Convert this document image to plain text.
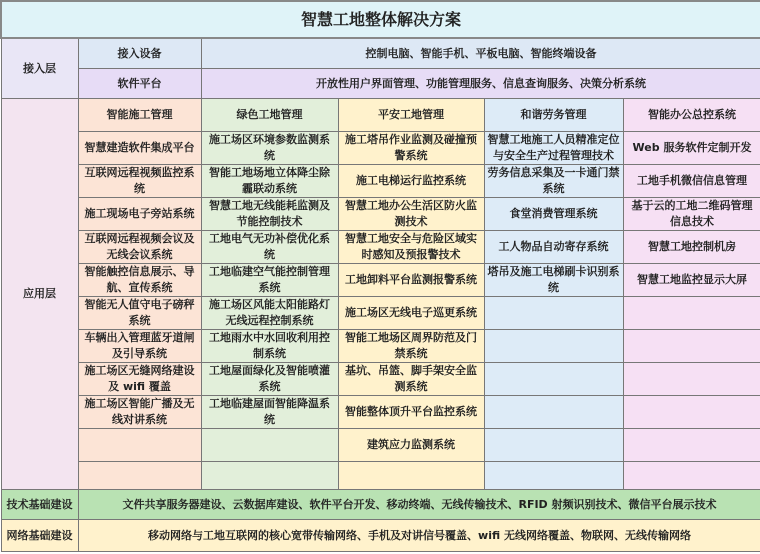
智慧工地整体解决方案					
接入层	接入设备	控制电脑、智能手机、平板电脑、智能终端设备			
	软件平台	开放性用户界面管理、功能管理服务、信息查询服务、决策分析系统			
应用层	智能施工管理	绿色工地管理	平安工地管理	和谐劳务管理	智能办公总控系统
	智慧建造软件集成平台	施工场区环境参数监测系统	施工塔吊作业监测及碰撞预警系统	智慧工地施工人员精准定位与安全生产过程管理技术	Web 服务软件定制开发
	互联网远程视频监控系统	智能工地场地立体降尘除霾联动系统	施工电梯运行监控系统	劳务信息采集及一卡通门禁系统	工地手机微信信息管理
	施工现场电子旁站系统	智慧工地无线能耗监测及节能控制技术	智慧工地办公生活区防火监测技术	食堂消费管理系统	基于云的工地二维码管理信息技术
	互联网远程视频会议及无线会议系统	工地电气无功补偿优化系统	智慧工地安全与危险区域实时感知及预报警技术	工人物品自动寄存系统	智慧工地控制机房
	智能触控信息展示、导航、宣传系统	工地临建空气能控制管理系统	工地卸料平台监测报警系统	塔吊及施工电梯刷卡识别系统	智慧工地监控显示大屏
	智能无人值守电子磅秤系统	施工场区风能太阳能路灯无线远程控制系统	施工场区无线电子巡更系统		
	车辆出入管理蓝牙道闸及引导系统	工地雨水中水回收利用控制系统	智能工地场区周界防范及门禁系统		
	施工场区无缝网络建设及 wifi 覆盖	工地屋面绿化及智能喷灌系统	基坑、吊篮、脚手架安全监测系统		
	施工场区智能广播及无线对讲系统	工地临建屋面智能降温系统	智能整体顶升平台监控系统		
			建筑应力监测系统		

技术基础建设	文件共享服务器建设、云数据库建设、软件平台开发、移动终端、无线传输技术、RFID 射频识别技术、微信平台展示技术				
网络基础建设	移动网络与工地互联网的核心宽带传输网络、手机及对讲信号覆盖、wifi 无线网络覆盖、物联网、无线传输网络				
